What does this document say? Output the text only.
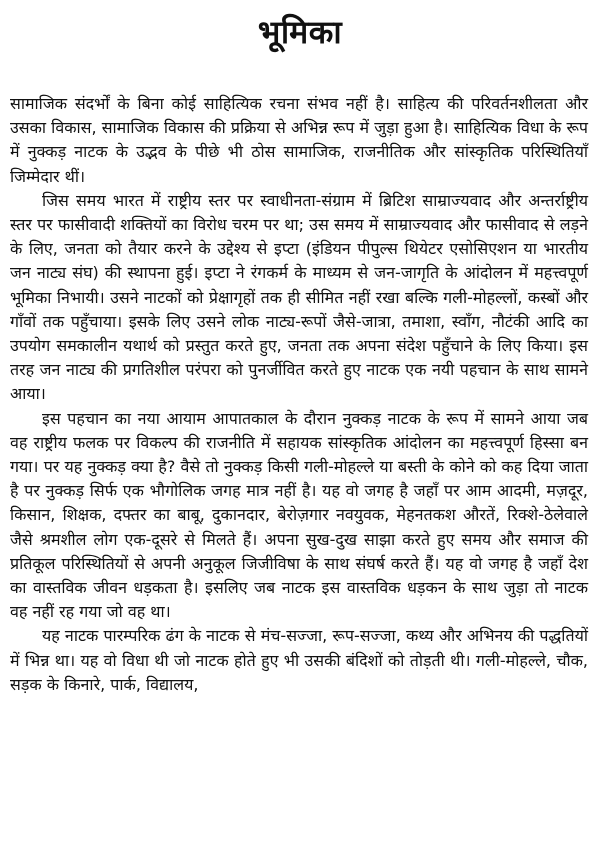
भूमिका

सामाजिक संदर्भों के बिना कोई साहित्यिक रचना संभव नहीं है। साहित्य की परिवर्तनशीलता और उसका विकास, सामाजिक विकास की प्रक्रिया से अभिन्न रूप में जुड़ा हुआ है। साहित्यिक विधा के रूप में नुक्कड़ नाटक के उद्भव के पीछे भी ठोस सामाजिक, राजनीतिक और सांस्कृतिक परिस्थितियाँ जिम्मेदार थीं।

जिस समय भारत में राष्ट्रीय स्तर पर स्वाधीनता-संग्राम में ब्रिटिश साम्राज्यवाद और अन्तर्राष्ट्रीय स्तर पर फासीवादी शक्तियों का विरोध चरम पर था; उस समय में साम्राज्यवाद और फासीवाद से लड़ने के लिए, जनता को तैयार करने के उद्देश्य से इप्टा (इंडियन पीपुल्स थियेटर एसोसिएशन या भारतीय जन नाट्य संघ) की स्थापना हुई। इप्टा ने रंगकर्म के माध्यम से जन-जागृति के आंदोलन में महत्त्वपूर्ण भूमिका निभायी। उसने नाटकों को प्रेक्षागृहों तक ही सीमित नहीं रखा बल्कि गली-मोहल्लों, कस्बों और गाँवों तक पहुँचाया। इसके लिए उसने लोक नाट्य-रूपों जैसे-जात्रा, तमाशा, स्वाँग, नौटंकी आदि का उपयोग समकालीन यथार्थ को प्रस्तुत करते हुए, जनता तक अपना संदेश पहुँचाने के लिए किया। इस तरह जन नाट्य की प्रगतिशील परंपरा को पुनर्जीवित करते हुए नाटक एक नयी पहचान के साथ सामने आया।

इस पहचान का नया आयाम आपातकाल के दौरान नुक्कड़ नाटक के रूप में सामने आया जब वह राष्ट्रीय फलक पर विकल्प की राजनीति में सहायक सांस्कृतिक आंदोलन का महत्त्वपूर्ण हिस्सा बन गया। पर यह नुक्कड़ क्या है? वैसे तो नुक्कड़ किसी गली-मोहल्ले या बस्ती के कोने को कह दिया जाता है पर नुक्कड़ सिर्फ एक भौगोलिक जगह मात्र नहीं है। यह वो जगह है जहाँ पर आम आदमी, मज़दूर, किसान, शिक्षक, दफ्तर का बाबू, दुकानदार, बेरोज़गार नवयुवक, मेहनतकश औरतें, रिक्शे-ठेलेवाले जैसे श्रमशील लोग एक-दूसरे से मिलते हैं। अपना सुख-दुख साझा करते हुए समय और समाज की प्रतिकूल परिस्थितियों से अपनी अनुकूल जिजीविषा के साथ संघर्ष करते हैं। यह वो जगह है जहाँ देश का वास्तविक जीवन धड़कता है। इसलिए जब नाटक इस वास्तविक धड़कन के साथ जुड़ा तो नाटक वह नहीं रह गया जो वह था।

यह नाटक पारम्परिक ढंग के नाटक से मंच-सज्जा, रूप-सज्जा, कथ्य और अभिनय की पद्धतियों में भिन्न था। यह वो विधा थी जो नाटक होते हुए भी उसकी बंदिशों को तोड़ती थी। गली-मोहल्ले, चौक, सड़क के किनारे, पार्क, विद्यालय,
